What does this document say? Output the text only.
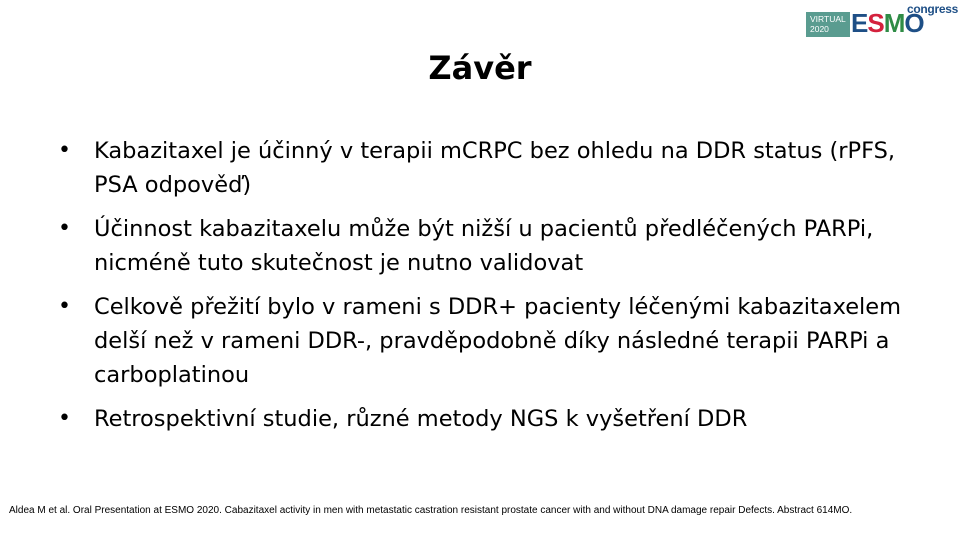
VIRTUAL
2020 ESMO
congress
Závěr
•	Kabazitaxel je účinný v terapii mCRPC bez ohledu na DDR status (rPFS, PSA odpověď)
•	Účinnost kabazitaxelu může být nižší u pacientů předléčených PARPi, nicméně tuto skutečnost je nutno validovat
•	Celkově přežití bylo v rameni s DDR+ pacienty léčenými kabazitaxelem delší než v rameni DDR-, pravděpodobně díky následné terapii PARPi a carboplatinou
•	Retrospektivní studie, různé metody NGS k vyšetření DDR

Aldea M et al. Oral Presentation at ESMO 2020. Cabazitaxel activity in men with metastatic castration resistant prostate cancer with and without DNA damage repair Defects. Abstract 614MO.
